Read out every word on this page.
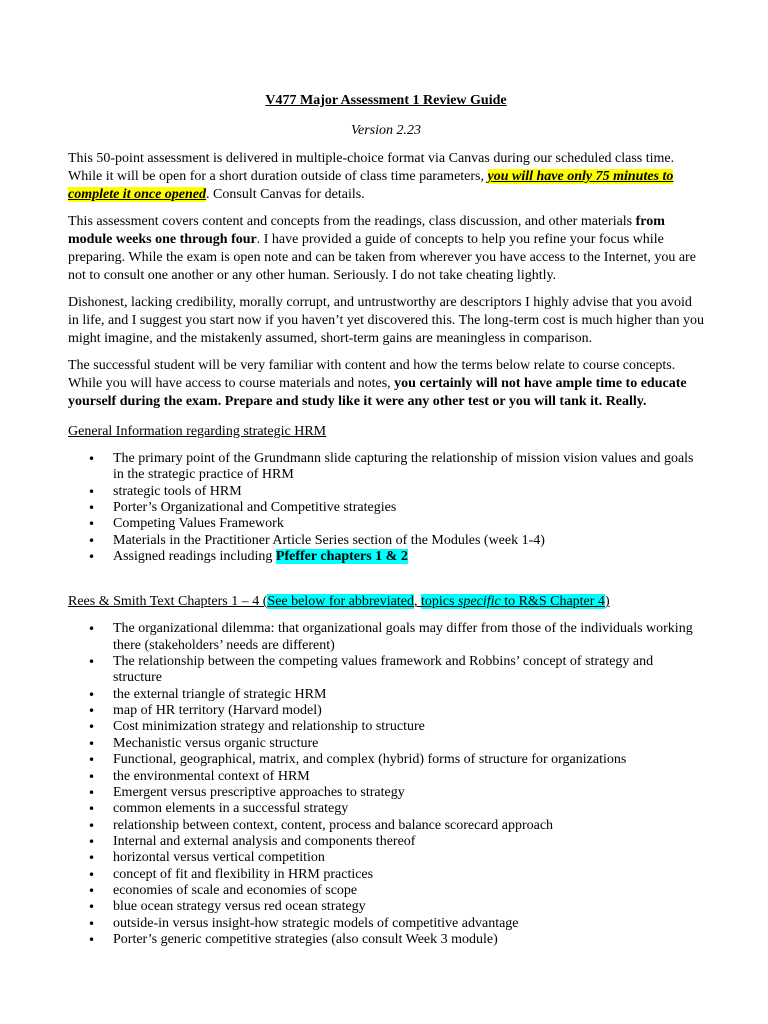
V477 Major Assessment 1 Review Guide

Version 2.23

This 50-point assessment is delivered in multiple-choice format via Canvas during our scheduled class time. While it will be open for a short duration outside of class time parameters, you will have only 75 minutes to complete it once opened. Consult Canvas for details.

This assessment covers content and concepts from the readings, class discussion, and other materials from module weeks one through four. I have provided a guide of concepts to help you refine your focus while preparing. While the exam is open note and can be taken from wherever you have access to the Internet, you are not to consult one another or any other human. Seriously. I do not take cheating lightly.

Dishonest, lacking credibility, morally corrupt, and untrustworthy are descriptors I highly advise that you avoid in life, and I suggest you start now if you haven’t yet discovered this. The long-term cost is much higher than you might imagine, and the mistakenly assumed, short-term gains are meaningless in comparison.

The successful student will be very familiar with content and how the terms below relate to course concepts. While you will have access to course materials and notes, you certainly will not have ample time to educate yourself during the exam. Prepare and study like it were any other test or you will tank it. Really.

General Information regarding strategic HRM

• The primary point of the Grundmann slide capturing the relationship of mission vision values and goals in the strategic practice of HRM
• strategic tools of HRM
• Porter’s Organizational and Competitive strategies
• Competing Values Framework
• Materials in the Practitioner Article Series section of the Modules (week 1-4)
• Assigned readings including Pfeffer chapters 1 & 2

Rees & Smith Text Chapters 1 – 4 (See below for abbreviated, topics specific to R&S Chapter 4)

• The organizational dilemma: that organizational goals may differ from those of the individuals working there (stakeholders’ needs are different)
• The relationship between the competing values framework and Robbins’ concept of strategy and structure
• the external triangle of strategic HRM
• map of HR territory (Harvard model)
• Cost minimization strategy and relationship to structure
• Mechanistic versus organic structure
• Functional, geographical, matrix, and complex (hybrid) forms of structure for organizations
• the environmental context of HRM
• Emergent versus prescriptive approaches to strategy
• common elements in a successful strategy
• relationship between context, content, process and balance scorecard approach
• Internal and external analysis and components thereof
• horizontal versus vertical competition
• concept of fit and flexibility in HRM practices
• economies of scale and economies of scope
• blue ocean strategy versus red ocean strategy
• outside-in versus insight-how strategic models of competitive advantage
• Porter’s generic competitive strategies (also consult Week 3 module)
